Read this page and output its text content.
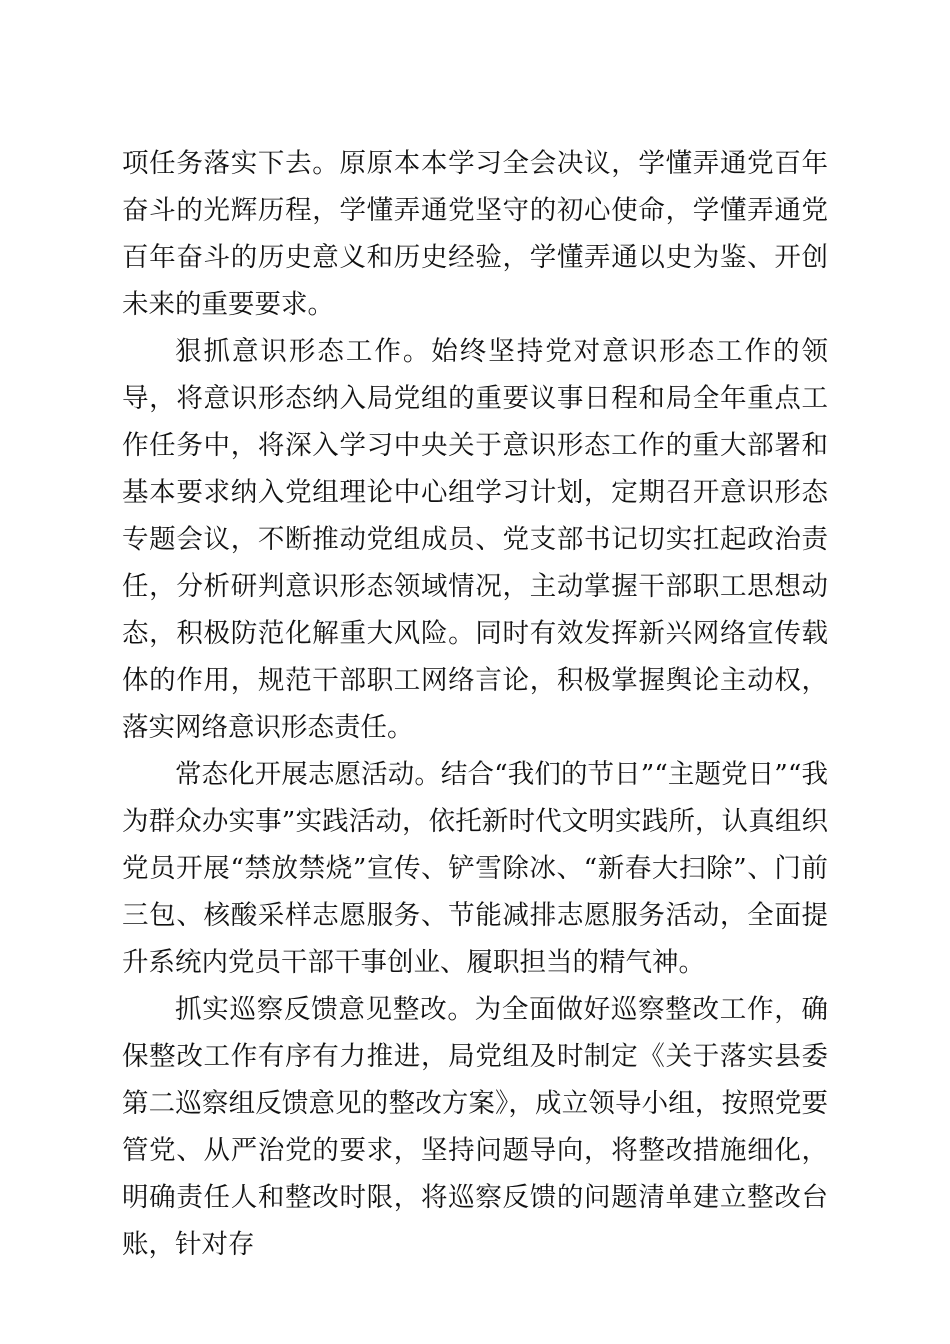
项任务落实下去。原原本本学习全会决议，学懂弄通党百年奋斗的光辉历程，学懂弄通党坚守的初心使命，学懂弄通党百年奋斗的历史意义和历史经验，学懂弄通以史为鉴、开创未来的重要要求。

狠抓意识形态工作。始终坚持党对意识形态工作的领导，将意识形态纳入局党组的重要议事日程和局全年重点工作任务中，将深入学习中央关于意识形态工作的重大部署和基本要求纳入党组理论中心组学习计划，定期召开意识形态专题会议，不断推动党组成员、党支部书记切实扛起政治责任，分析研判意识形态领域情况，主动掌握干部职工思想动态，积极防范化解重大风险。同时有效发挥新兴网络宣传载体的作用，规范干部职工网络言论，积极掌握舆论主动权，落实网络意识形态责任。

常态化开展志愿活动。结合“我们的节日”“主题党日”“我为群众办实事”实践活动，依托新时代文明实践所，认真组织党员开展“禁放禁烧”宣传、铲雪除冰、“新春大扫除”、门前三包、核酸采样志愿服务、节能减排志愿服务活动，全面提升系统内党员干部干事创业、履职担当的精气神。

抓实巡察反馈意见整改。为全面做好巡察整改工作，确保整改工作有序有力推进，局党组及时制定《关于落实县委第二巡察组反馈意见的整改方案》，成立领导小组，按照党要管党、从严治党的要求，坚持问题导向，将整改措施细化，明确责任人和整改时限，将巡察反馈的问题清单建立整改台账，针对存
